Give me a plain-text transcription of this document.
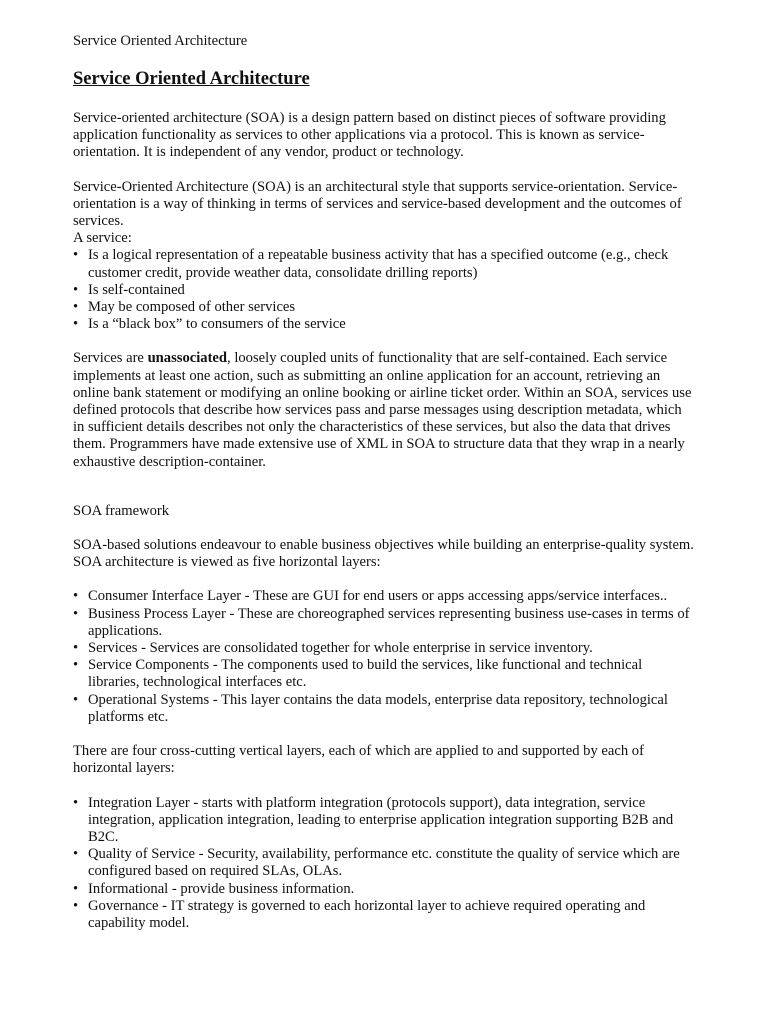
Service Oriented Architecture
Service Oriented Architecture

Service-oriented architecture (SOA) is a design pattern based on distinct pieces of software providing application functionality as services to other applications via a protocol. This is known as service-orientation. It is independent of any vendor, product or technology.

Service-Oriented Architecture (SOA) is an architectural style that supports service-orientation. Service-orientation is a way of thinking in terms of services and service-based development and the outcomes of services.

A service:

• Is a logical representation of a repeatable business activity that has a specified outcome (e.g., check customer credit, provide weather data, consolidate drilling reports)
• Is self-contained
• May be composed of other services
• Is a “black box” to consumers of the service

Services are unassociated, loosely coupled units of functionality that are self-contained. Each service implements at least one action, such as submitting an online application for an account, retrieving an online bank statement or modifying an online booking or airline ticket order. Within an SOA, services use defined protocols that describe how services pass and parse messages using description metadata, which in sufficient details describes not only the characteristics of these services, but also the data that drives them. Programmers have made extensive use of XML in SOA to structure data that they wrap in a nearly exhaustive description-container.

SOA framework

SOA-based solutions endeavour to enable business objectives while building an enterprise-quality system. SOA architecture is viewed as five horizontal layers:

• Consumer Interface Layer - These are GUI for end users or apps accessing apps/service interfaces..
• Business Process Layer - These are choreographed services representing business use-cases in terms of applications.
• Services - Services are consolidated together for whole enterprise in service inventory.
• Service Components - The components used to build the services, like functional and technical libraries, technological interfaces etc.
• Operational Systems - This layer contains the data models, enterprise data repository, technological platforms etc.

There are four cross-cutting vertical layers, each of which are applied to and supported by each of horizontal layers:

• Integration Layer - starts with platform integration (protocols support), data integration, service integration, application integration, leading to enterprise application integration supporting B2B and B2C.
• Quality of Service - Security, availability, performance etc. constitute the quality of service which are configured based on required SLAs, OLAs.
• Informational - provide business information.
• Governance - IT strategy is governed to each horizontal layer to achieve required operating and capability model.
